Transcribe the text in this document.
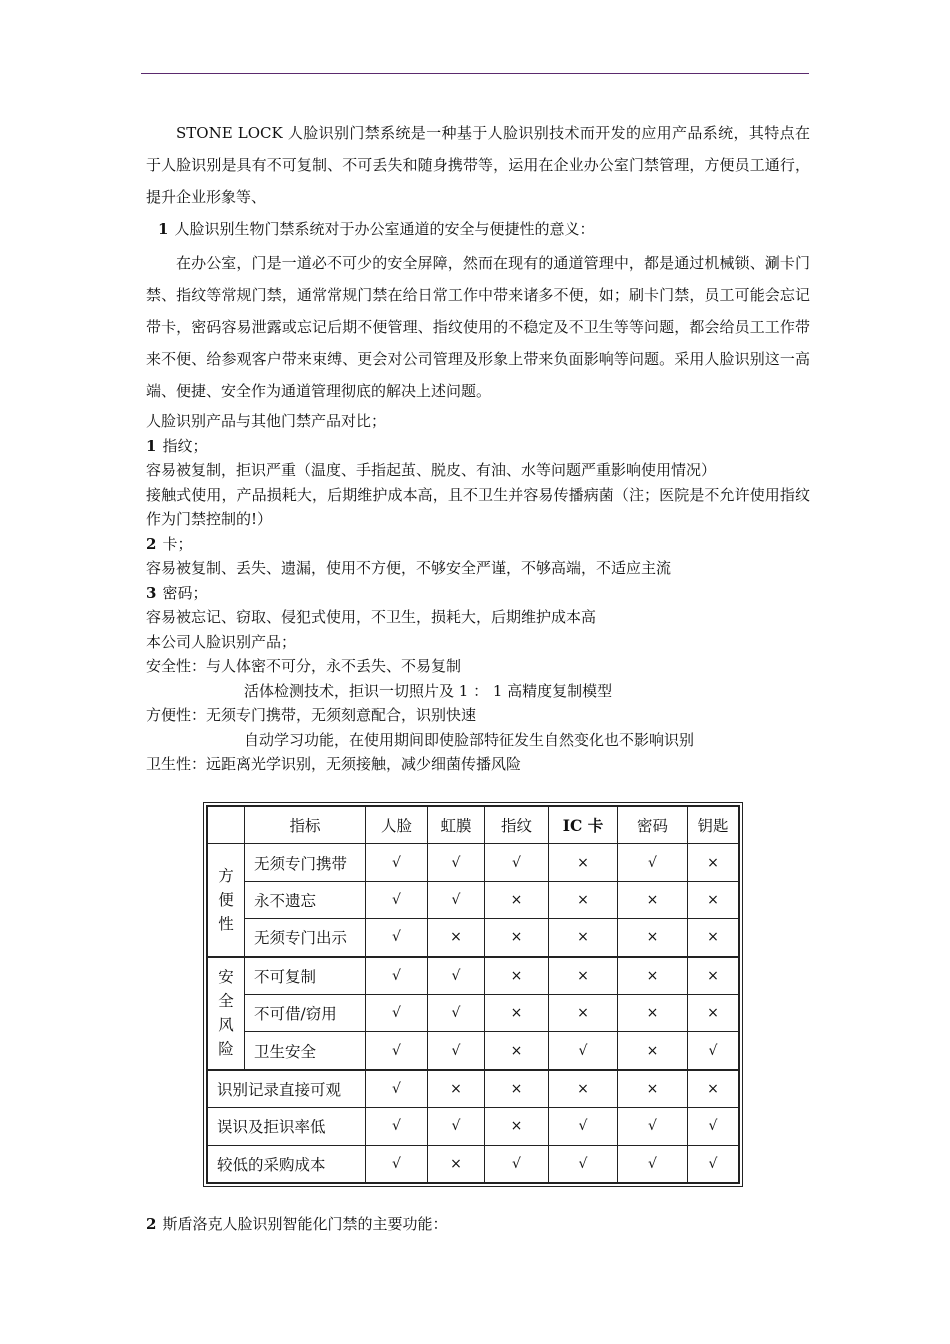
STONE LOCK 人脸识别门禁系统是一种基于人脸识别技术而开发的应用产品系统，其特点在于人脸识别是具有不可复制、不可丢失和随身携带等，运用在企业办公室门禁管理，方便员工通行，提升企业形象等、

1 人脸识别生物门禁系统对于办公室通道的安全与便捷性的意义：

在办公室，门是一道必不可少的安全屏障，然而在现有的通道管理中，都是通过机械锁、涮卡门禁、指纹等常规门禁，通常常规门禁在给日常工作中带来诸多不便，如；刷卡门禁，员工可能会忘记带卡，密码容易泄露或忘记后期不便管理、指纹使用的不稳定及不卫生等等问题，都会给员工工作带来不便、给参观客户带来束缚、更会对公司管理及形象上带来负面影响等问题。采用人脸识别这一高端、便捷、安全作为通道管理彻底的解决上述问题。

人脸识别产品与其他门禁产品对比；

1 指纹；

容易被复制，拒识严重（温度、手指起茧、脱皮、有油、水等问题严重影响使用情况）

接触式使用，产品损耗大，后期维护成本高，且不卫生并容易传播病菌（注；医院是不允许使用指纹作为门禁控制的!）

2 卡；

容易被复制、丢失、遗漏，使用不方便，不够安全严谨，不够高端，不适应主流

3 密码；

容易被忘记、窃取、侵犯式使用，不卫生，损耗大，后期维护成本高

本公司人脸识别产品；

安全性：与人体密不可分，永不丢失、不易复制

活体检测技术，拒识一切照片及 1 ： 1 高精度复制模型

方便性：无须专门携带，无须刻意配合，识别快速

自动学习功能，在使用期间即使脸部特征发生自然变化也不影响识别

卫生性：远距离光学识别，无须接触，减少细菌传播风险

	指标	人脸	虹膜	指纹	IC 卡	密码	钥匙

方
便
性	无须专门携带	√	√	√	×	√	×
	永不遗忘	√	√	×	×	×	×
	无须专门出示	√	×	×	×	×	×

安
全
风
险	不可复制	√	√	×	×	×	×
	不可借/窃用	√	√	×	×	×	×
	卫生安全	√	√	×	√	×	√
识别记录直接可观		√	×	×	×	×	×
误识及拒识率低		√	√	×	√	√	√
较低的采购成本		√	×	√	√	√	√

2 斯盾洛克人脸识别智能化门禁的主要功能：
